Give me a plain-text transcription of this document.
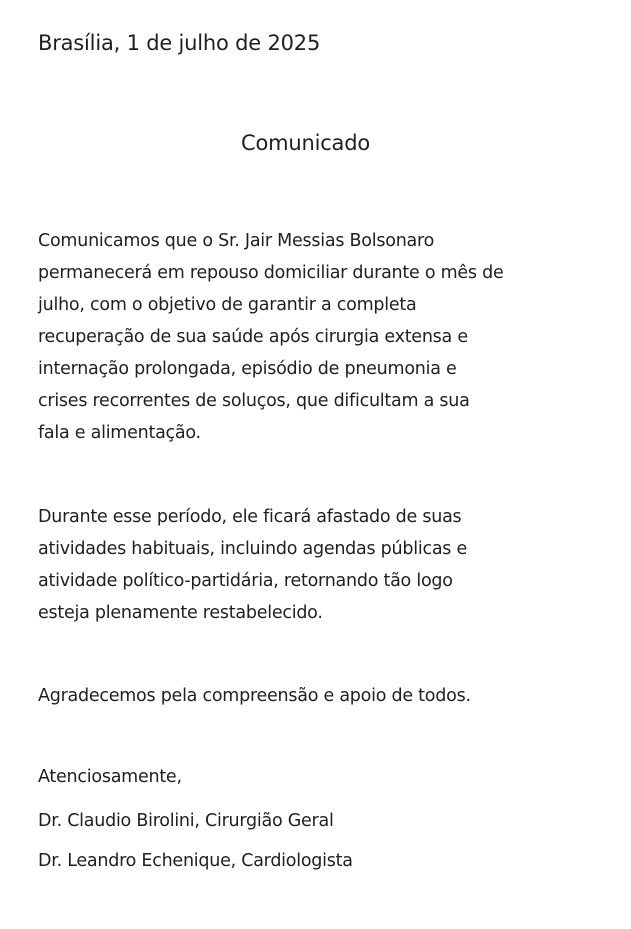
Brasília, 1 de julho de 2025
Comunicado
Comunicamos que o Sr. Jair Messias Bolsonaro
permanecerá em repouso domiciliar durante o mês de
julho, com o objetivo de garantir a completa
recuperação de sua saúde após cirurgia extensa e
internação prolongada, episódio de pneumonia e
crises recorrentes de soluços, que dificultam a sua
fala e alimentação.
Durante esse período, ele ficará afastado de suas
atividades habituais, incluindo agendas públicas e
atividade político-partidária, retornando tão logo
esteja plenamente restabelecido.
Agradecemos pela compreensão e apoio de todos.
Atenciosamente,
Dr. Claudio Birolini, Cirurgião Geral
Dr. Leandro Echenique, Cardiologista
